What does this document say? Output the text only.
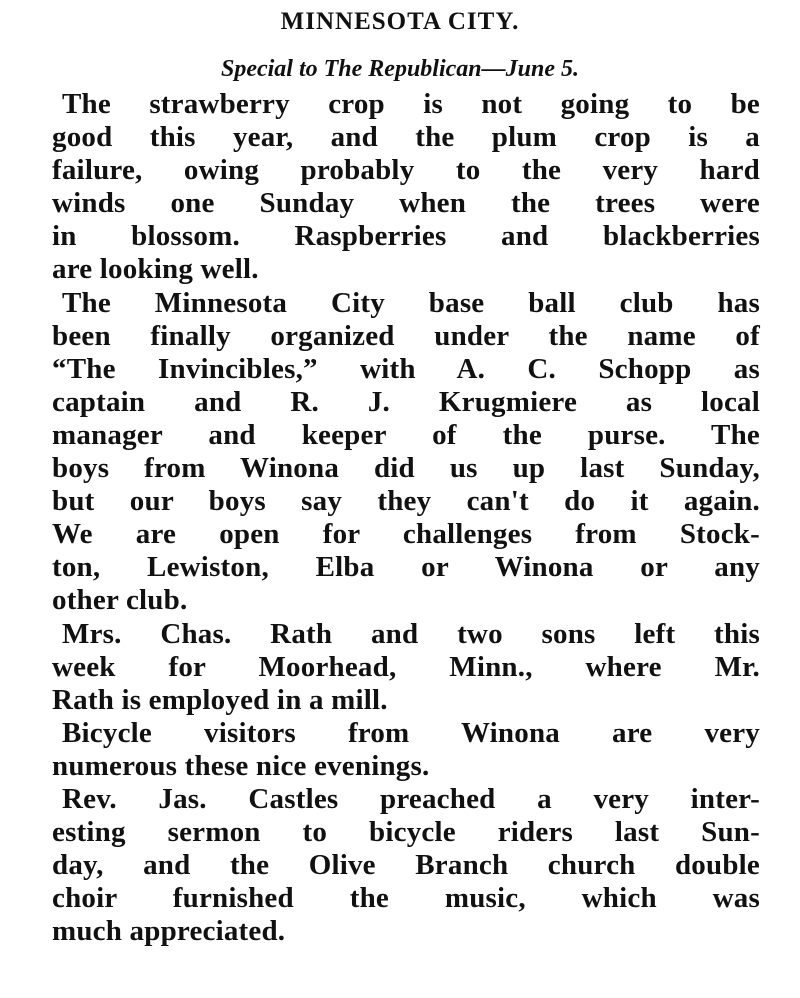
MINNESOTA CITY.
Special to The Republican—June 5.
The strawberry crop is not going to be
good this year, and the plum crop is a
failure, owing probably to the very hard
winds one Sunday when the trees were
in blossom. Raspberries and blackberries
are looking well.
The Minnesota City base ball club has
been finally organized under the name of
“The Invincibles,” with A. C. Schopp as
captain and R. J. Krugmiere as local
manager and keeper of the purse. The
boys from Winona did us up last Sunday,
but our boys say they can't do it again.
We are open for challenges from Stock-
ton, Lewiston, Elba or Winona or any
other club.
Mrs. Chas. Rath and two sons left this
week for Moorhead, Minn., where Mr.
Rath is employed in a mill.
Bicycle visitors from Winona are very
numerous these nice evenings.
Rev. Jas. Castles preached a very inter-
esting sermon to bicycle riders last Sun-
day, and the Olive Branch church double
choir furnished the music, which was
much appreciated.
